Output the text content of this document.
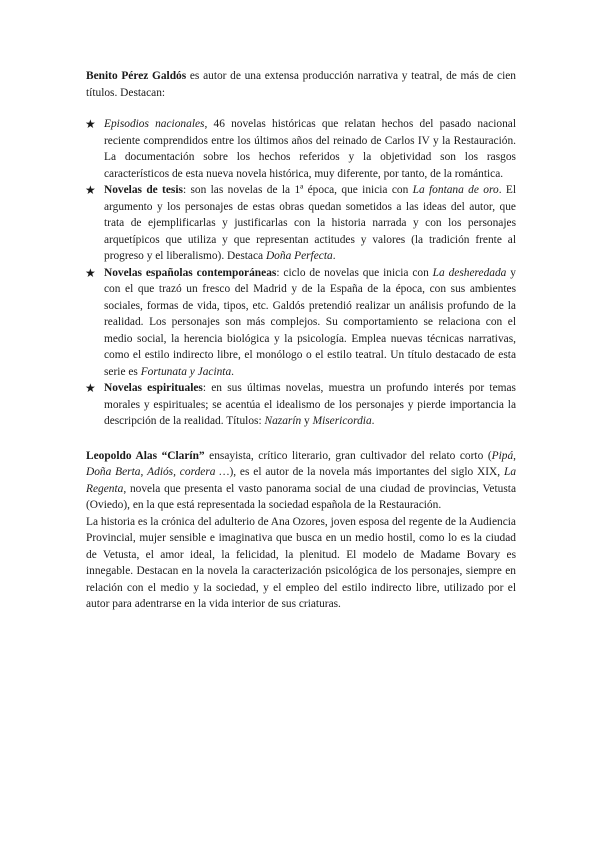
Benito Pérez Galdós es autor de una extensa producción narrativa y teatral, de más de cien títulos. Destacan:

★ Episodios nacionales, 46 novelas históricas que relatan hechos del pasado nacional reciente comprendidos entre los últimos años del reinado de Carlos IV y la Restauración. La documentación sobre los hechos referidos y la objetividad son los rasgos característicos de esta nueva novela histórica, muy diferente, por tanto, de la romántica.
★ Novelas de tesis: son las novelas de la 1ª época, que inicia con La fontana de oro. El argumento y los personajes de estas obras quedan sometidos a las ideas del autor, que trata de ejemplificarlas y justificarlas con la historia narrada y con los personajes arquetípicos que utiliza y que representan actitudes y valores (la tradición frente al progreso y el liberalismo). Destaca Doña Perfecta.
★ Novelas españolas contemporáneas: ciclo de novelas que inicia con La desheredada y con el que trazó un fresco del Madrid y de la España de la época, con sus ambientes sociales, formas de vida, tipos, etc. Galdós pretendió realizar un análisis profundo de la realidad. Los personajes son más complejos. Su comportamiento se relaciona con el medio social, la herencia biológica y la psicología. Emplea nuevas técnicas narrativas, como el estilo indirecto libre, el monólogo o el estilo teatral. Un título destacado de esta serie es Fortunata y Jacinta.
★ Novelas espirituales: en sus últimas novelas, muestra un profundo interés por temas morales y espirituales; se acentúa el idealismo de los personajes y pierde importancia la descripción de la realidad. Títulos: Nazarín y Misericordia.

Leopoldo Alas “Clarín” ensayista, crítico literario, gran cultivador del relato corto (Pipá, Doña Berta, Adiós, cordera …), es el autor de la novela más importantes del siglo XIX, La Regenta, novela que presenta el vasto panorama social de una ciudad de provincias, Vetusta (Oviedo), en la que está representada la sociedad española de la Restauración.

La historia es la crónica del adulterio de Ana Ozores, joven esposa del regente de la Audiencia Provincial, mujer sensible e imaginativa que busca en un medio hostil, como lo es la ciudad de Vetusta, el amor ideal, la felicidad, la plenitud. El modelo de Madame Bovary es innegable. Destacan en la novela la caracterización psicológica de los personajes, siempre en relación con el medio y la sociedad, y el empleo del estilo indirecto libre, utilizado por el autor para adentrarse en la vida interior de sus criaturas.
